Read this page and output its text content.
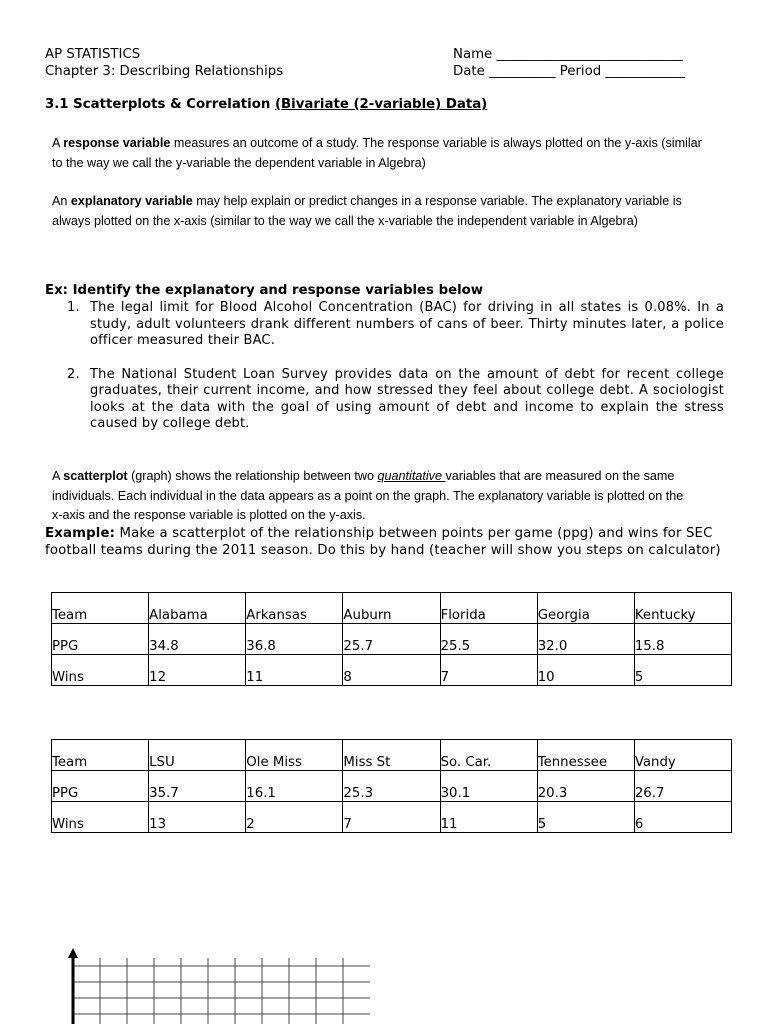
AP STATISTICS
Chapter 3: Describing Relationships
Name ____________________________
Date __________ Period ____________
3.1 Scatterplots & Correlation (Bivariate (2-variable) Data)
A response variable measures an outcome of a study. The response variable is always plotted on the y-axis (similar to the way we call the y-variable the dependent variable in Algebra)
An explanatory variable may help explain or predict changes in a response variable. The explanatory variable is always plotted on the x-axis (similar to the way we call the x-variable the independent variable in Algebra)
Ex: Identify the explanatory and response variables below
1. The legal limit for Blood Alcohol Concentration (BAC) for driving in all states is 0.08%. In a study, adult volunteers drank different numbers of cans of beer. Thirty minutes later, a police officer measured their BAC.
2. The National Student Loan Survey provides data on the amount of debt for recent college graduates, their current income, and how stressed they feel about college debt. A sociologist looks at the data with the goal of using amount of debt and income to explain the stress caused by college debt.
A scatterplot (graph) shows the relationship between two quantitative variables that are measured on the same individuals. Each individual in the data appears as a point on the graph. The explanatory variable is plotted on the x-axis and the response variable is plotted on the y-axis.
Example: Make a scatterplot of the relationship between points per game (ppg) and wins for SEC football teams during the 2011 season. Do this by hand (teacher will show you steps on calculator)
Team	Alabama	Arkansas	Auburn	Florida	Georgia	Kentucky
PPG	34.8	36.8	25.7	25.5	32.0	15.8
Wins	12	11	8	7	10	5
Team	LSU	Ole Miss	Miss St	So. Car.	Tennessee	Vandy
PPG	35.7	16.1	25.3	30.1	20.3	26.7
Wins	13	2	7	11	5	6
